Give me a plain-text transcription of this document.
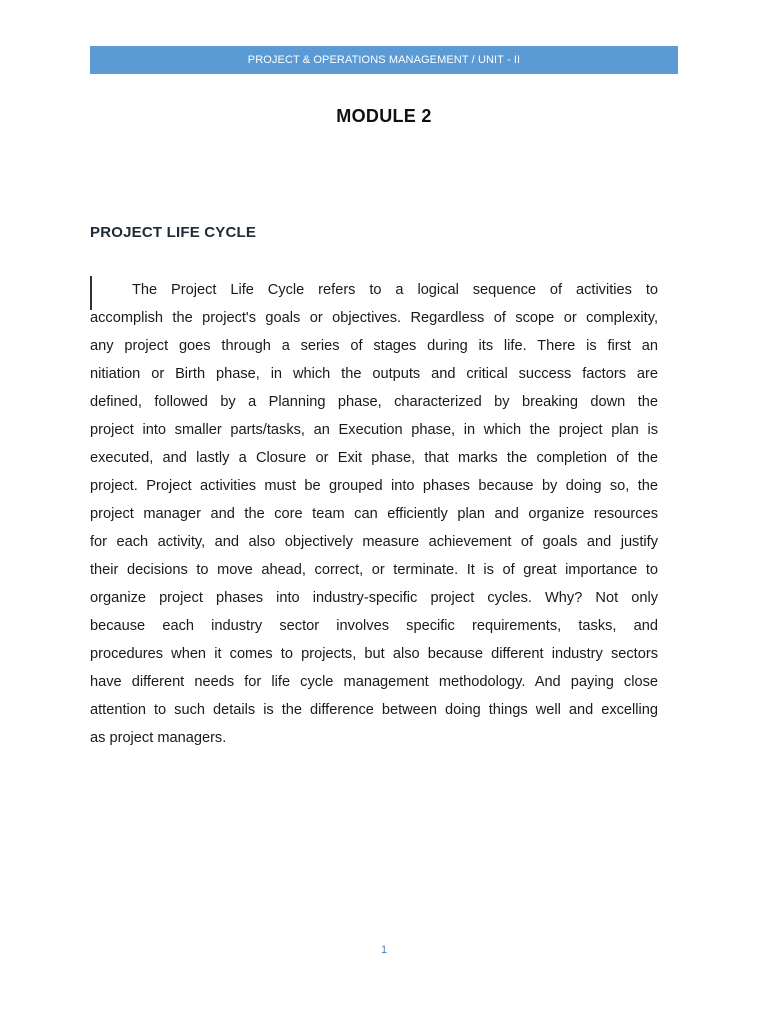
PROJECT & OPERATIONS MANAGEMENT / UNIT - II
MODULE 2
PROJECT LIFE CYCLE
The Project Life Cycle refers to a logical sequence of activities to
accomplish the project's goals or objectives. Regardless of scope or complexity,
any project goes through a series of stages during its life. There is first an
nitiation or Birth phase, in which the outputs and critical success factors are
defined, followed by a Planning phase, characterized by breaking down the
project into smaller parts/tasks, an Execution phase, in which the project plan is
executed, and lastly a Closure or Exit phase, that marks the completion of the
project. Project activities must be grouped into phases because by doing so, the
project manager and the core team can efficiently plan and organize resources
for each activity, and also objectively measure achievement of goals and justify
their decisions to move ahead, correct, or terminate. It is of great importance to
organize project phases into industry-specific project cycles. Why? Not only
because each industry sector involves specific requirements, tasks, and
procedures when it comes to projects, but also because different industry sectors
have different needs for life cycle management methodology. And paying close
attention to such details is the difference between doing things well and excelling
as project managers.
1
